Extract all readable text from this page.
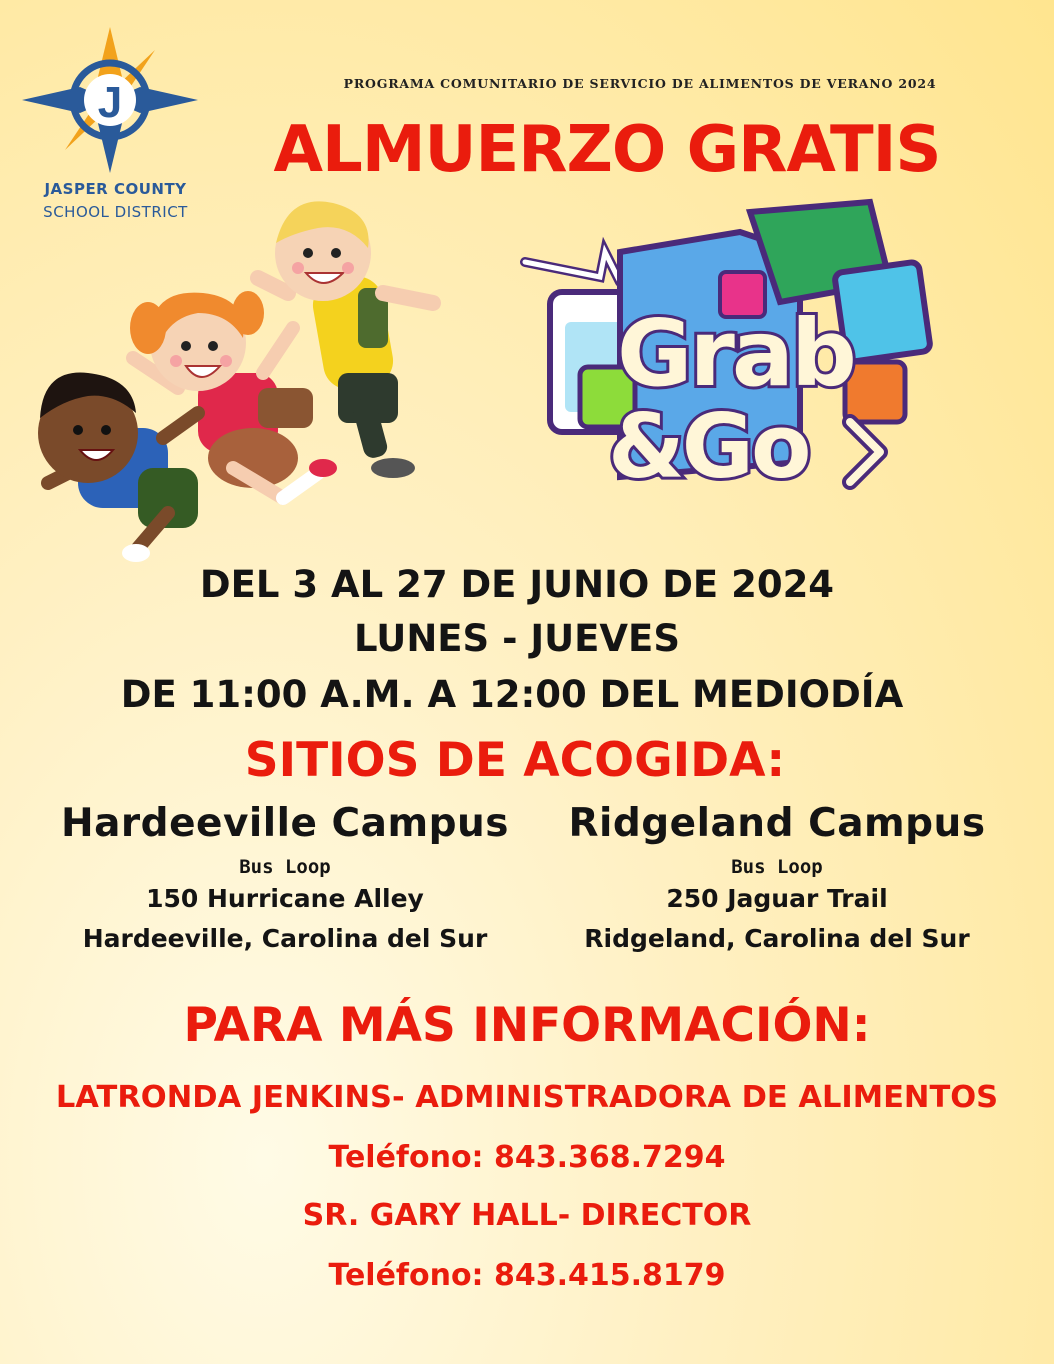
J
JASPER COUNTY
SCHOOL DISTRICT
PROGRAMA COMUNITARIO DE SERVICIO DE ALIMENTOS DE VERANO 2024
ALMUERZO GRATIS
Grab
&Go
DEL 3 AL 27 DE JUNIO DE 2024
LUNES - JUEVES
DE 11:00 A.M. A 12:00 DEL MEDIODÍA
SITIOS DE ACOGIDA:
Hardeeville Campus
Bus Loop
150 Hurricane Alley
Hardeeville, Carolina del Sur
Ridgeland Campus
Bus Loop
250 Jaguar Trail
Ridgeland, Carolina del Sur
PARA MÁS INFORMACIÓN:
LATRONDA JENKINS- ADMINISTRADORA DE ALIMENTOS
Teléfono: 843.368.7294
SR. GARY HALL- DIRECTOR
Teléfono: 843.415.8179
